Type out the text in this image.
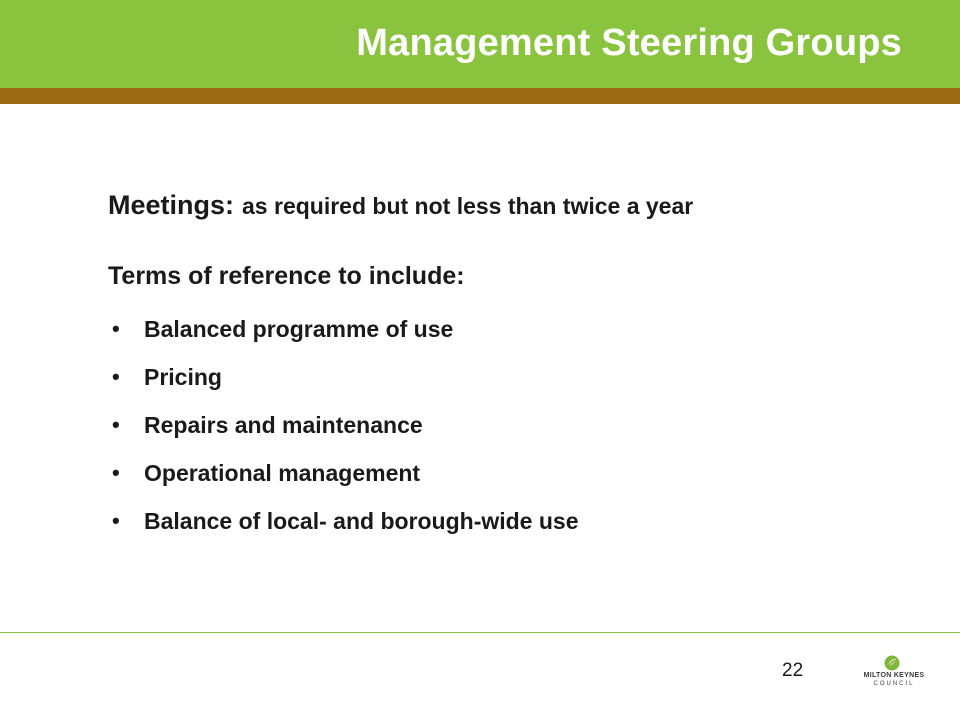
Management Steering Groups

Meetings: as required but not less than twice a year

Terms of reference to include:

• Balanced programme of use
• Pricing
• Repairs and maintenance
• Operational management
• Balance of local- and borough-wide use
22	MILTON KEYNES
COUNCIL
